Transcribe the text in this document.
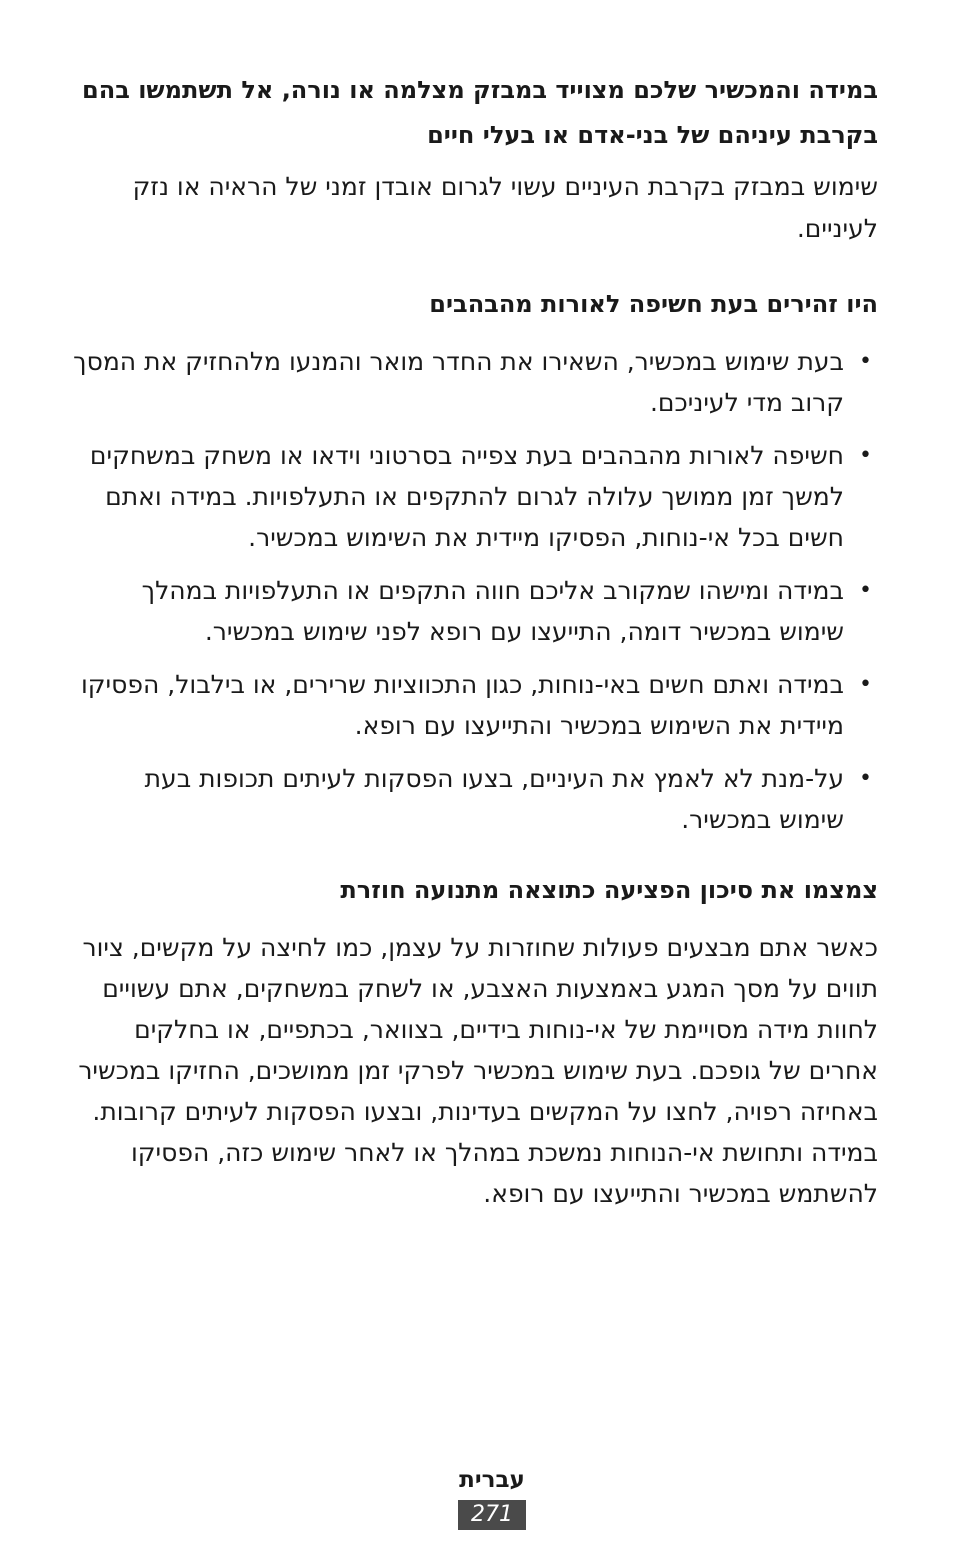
במידה והמכשיר שלכם מצוייד במבזק מצלמה או נורה, אל תשתמשו בהם בקרבת עיניהם של בני-אדם או בעלי חיים

שימוש במבזק בקרבת העיניים עשוי לגרום אובדן זמני של הראיה או נזק לעיניים.

היו זהירים בעת חשיפה לאורות מהבהבים
•
בעת שימוש במכשיר, השאירו את החדר מואר והמנעו מלהחזיק את המסך קרוב מדי לעיניכם.
•
חשיפה לאורות מהבהבים בעת צפייה בסרטוני וידאו או משחק במשחקים למשך זמן ממושך עלולה לגרום להתקפים או התעלפויות. במידה ואתם חשים בכל אי-נוחות, הפסיקו מיידית את השימוש במכשיר.
•
במידה ומישהו שמקורב אליכם חווה התקפים או התעלפויות במהלך שימוש במכשיר דומה, התייעצו עם רופא לפני שימוש במכשיר.
•
במידה ואתם חשים באי-נוחות, כגון התכווציות שרירים, או בילבול, הפסיקו מיידית את השימוש במכשיר והתייעצו עם רופא.
•
על-מנת לא לאמץ את העיניים, בצעו הפסקות לעיתים תכופות בעת שימוש במכשיר.
צמצמו את סיכון הפציעה כתוצאה מתנועה חוזרת

כאשר אתם מבצעים פעולות שחוזרות על עצמן, כמו לחיצה על מקשים, ציור תווים על מסך המגע באמצעות האצבע, או לשחק במשחקים, אתם עשויים לחוות מידה מסויימת של אי-נוחות בידיים, בצוואר, בכתפיים, או בחלקים אחרים של גופכם. בעת שימוש במכשיר לפרקי זמן ממושכים, החזיקו במכשיר באחיזה רפויה, לחצו על המקשים בעדינות, ובצעו הפסקות לעיתים קרובות. במידה ותחושת אי-הנוחות נמשכת במהלך או לאחר שימוש כזה, הפסיקו להשתמש במכשיר והתייעצו עם רופא.

עברית
271
